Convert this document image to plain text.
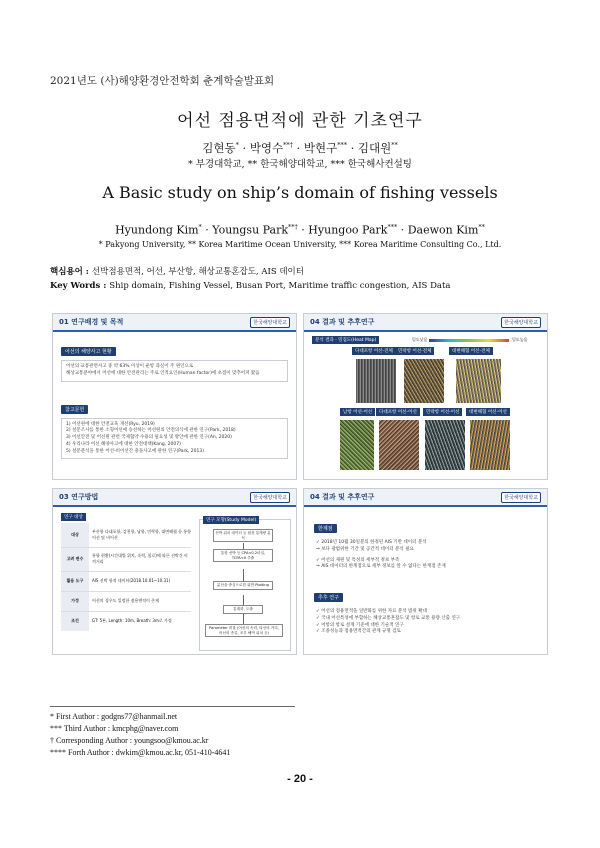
2021년도 (사)해양환경안전학회 춘계학술발표회
어선 점용면적에 관한 기초연구
김현동* · 박영수**† · 박현구*** · 김대원**
* 부경대학교, ** 한국해양대학교, *** 한국해사컨설팅
A Basic study on ship’s domain of fishing vessels
Hyundong Kim* · Youngsu Park**† · Hyungoo Park*** · Daewon Kim**
* Pakyong University, ** Korea Maritime Ocean University, *** Korea Maritime Consulting Co., Ltd.
핵심용어 : 선박점용면적, 어선, 부산항, 해상교통혼잡도, AIS 데이터
Key Words : Ship domain, Fishing Vessel, Busan Port, Maritime traffic congestion, AIS Data
01 연구배경 및 목적	한국해양대학교
어선의 해양사고 현황
어선의 교통관련사고 중 약 63% 이상이 운항 과실이 주 원인으로
해상교통분야에서 어선에 대한 안전관리는 주로 인적요인(Human factor)에 초점이 맞추어져 왔음
참고문헌
1) 어선원에 대한 안전교육 개선(Ryu, 2019)
2) 설문조사를 통한 소형어선에 승선하는 어선원의 안전의식에 관한 연구(Park, 2018)
3) 어선안전 및 어선원 관련 국제협약 수용의 필요성 및 방안에 관한 연구(An, 2020)
4) 우리나라 어선 해양사고에 대한 안전대책(Kang, 2007)
5) 설문분석을 통한 어선-비어선간 충돌사고에 관한 연구(Park, 2013)
04 결과 및 추후연구	한국해양대학교
분석 결과 · 밀집도(Heat Map)	밀도낮음	밀도높음
다대포항 어선-전체	민락항 어선-전체	대변해협 어선-전체
남항 어선-어선	다대포항 어선-어선	민락항 어선-어선	대변해협 어선-어선
03 연구방법	한국해양대학교
연구 대상
대상	부산항 다대포항, 감천항, 남항, 민락항, 대변해협 등 통항 어선 및 비어선
고려 변수	통항 현황(시간대별 위치, 속력, 침로)에 따른 선박간 이격거리
활용 도구	AIS 선박 항적 데이터(2018.10.01~10.31)
가정	어선의 경우도 일정한 점용면적이 존재
조건	GT: 5톤, Length: 10m, Breath: 3m로 가정
연구 모형(Study Model)
선박 위치 데이터 등 원천 통계량 분석
통항 선박 등 CPA<0.2마일, TCPA<0 추출
분산을 중심으로한 위반 Plotting
통계화, 도출
Parameter 비율 (어선의 속력, 타선의 거리, 어선의 종류, 조우 해역 위치 등)
04 결과 및 추후연구	한국해양대학교
한계점
✓ 2018년 10월 30일분의 한정된 AIS 기반 데이터 분석
⇒ 보다 광범위한 기간 및 공간적 데이터 분석 필요
✓ 어선의 제원 및 특성의 세부적 정보 부족
⇒ AIS 데이터의 한계점으로 세부 정보를 알 수 없다는 한계점 존재
추후 연구
✓ 어선의 점용면적을 일반화를 위한 자료 분석 범위 확대
✓ 국내 어선특성에 부합하는 해상교통혼잡도 및 항로 교통 용량 산출 연구
✓ 어항의 항로 설계 기준에 대한 기술적 연구
✓ 조종성능과 점용면적간의 관계 규명 검토
* First Author : godgns77@hanmail.net
*** Third Author : kmcphg@naver.com
† Corresponding Author : youngsoo@kmou.ac.kr
**** Forth Author : dwkim@kmou.ac.kr, 051-410-4641
- 20 -
